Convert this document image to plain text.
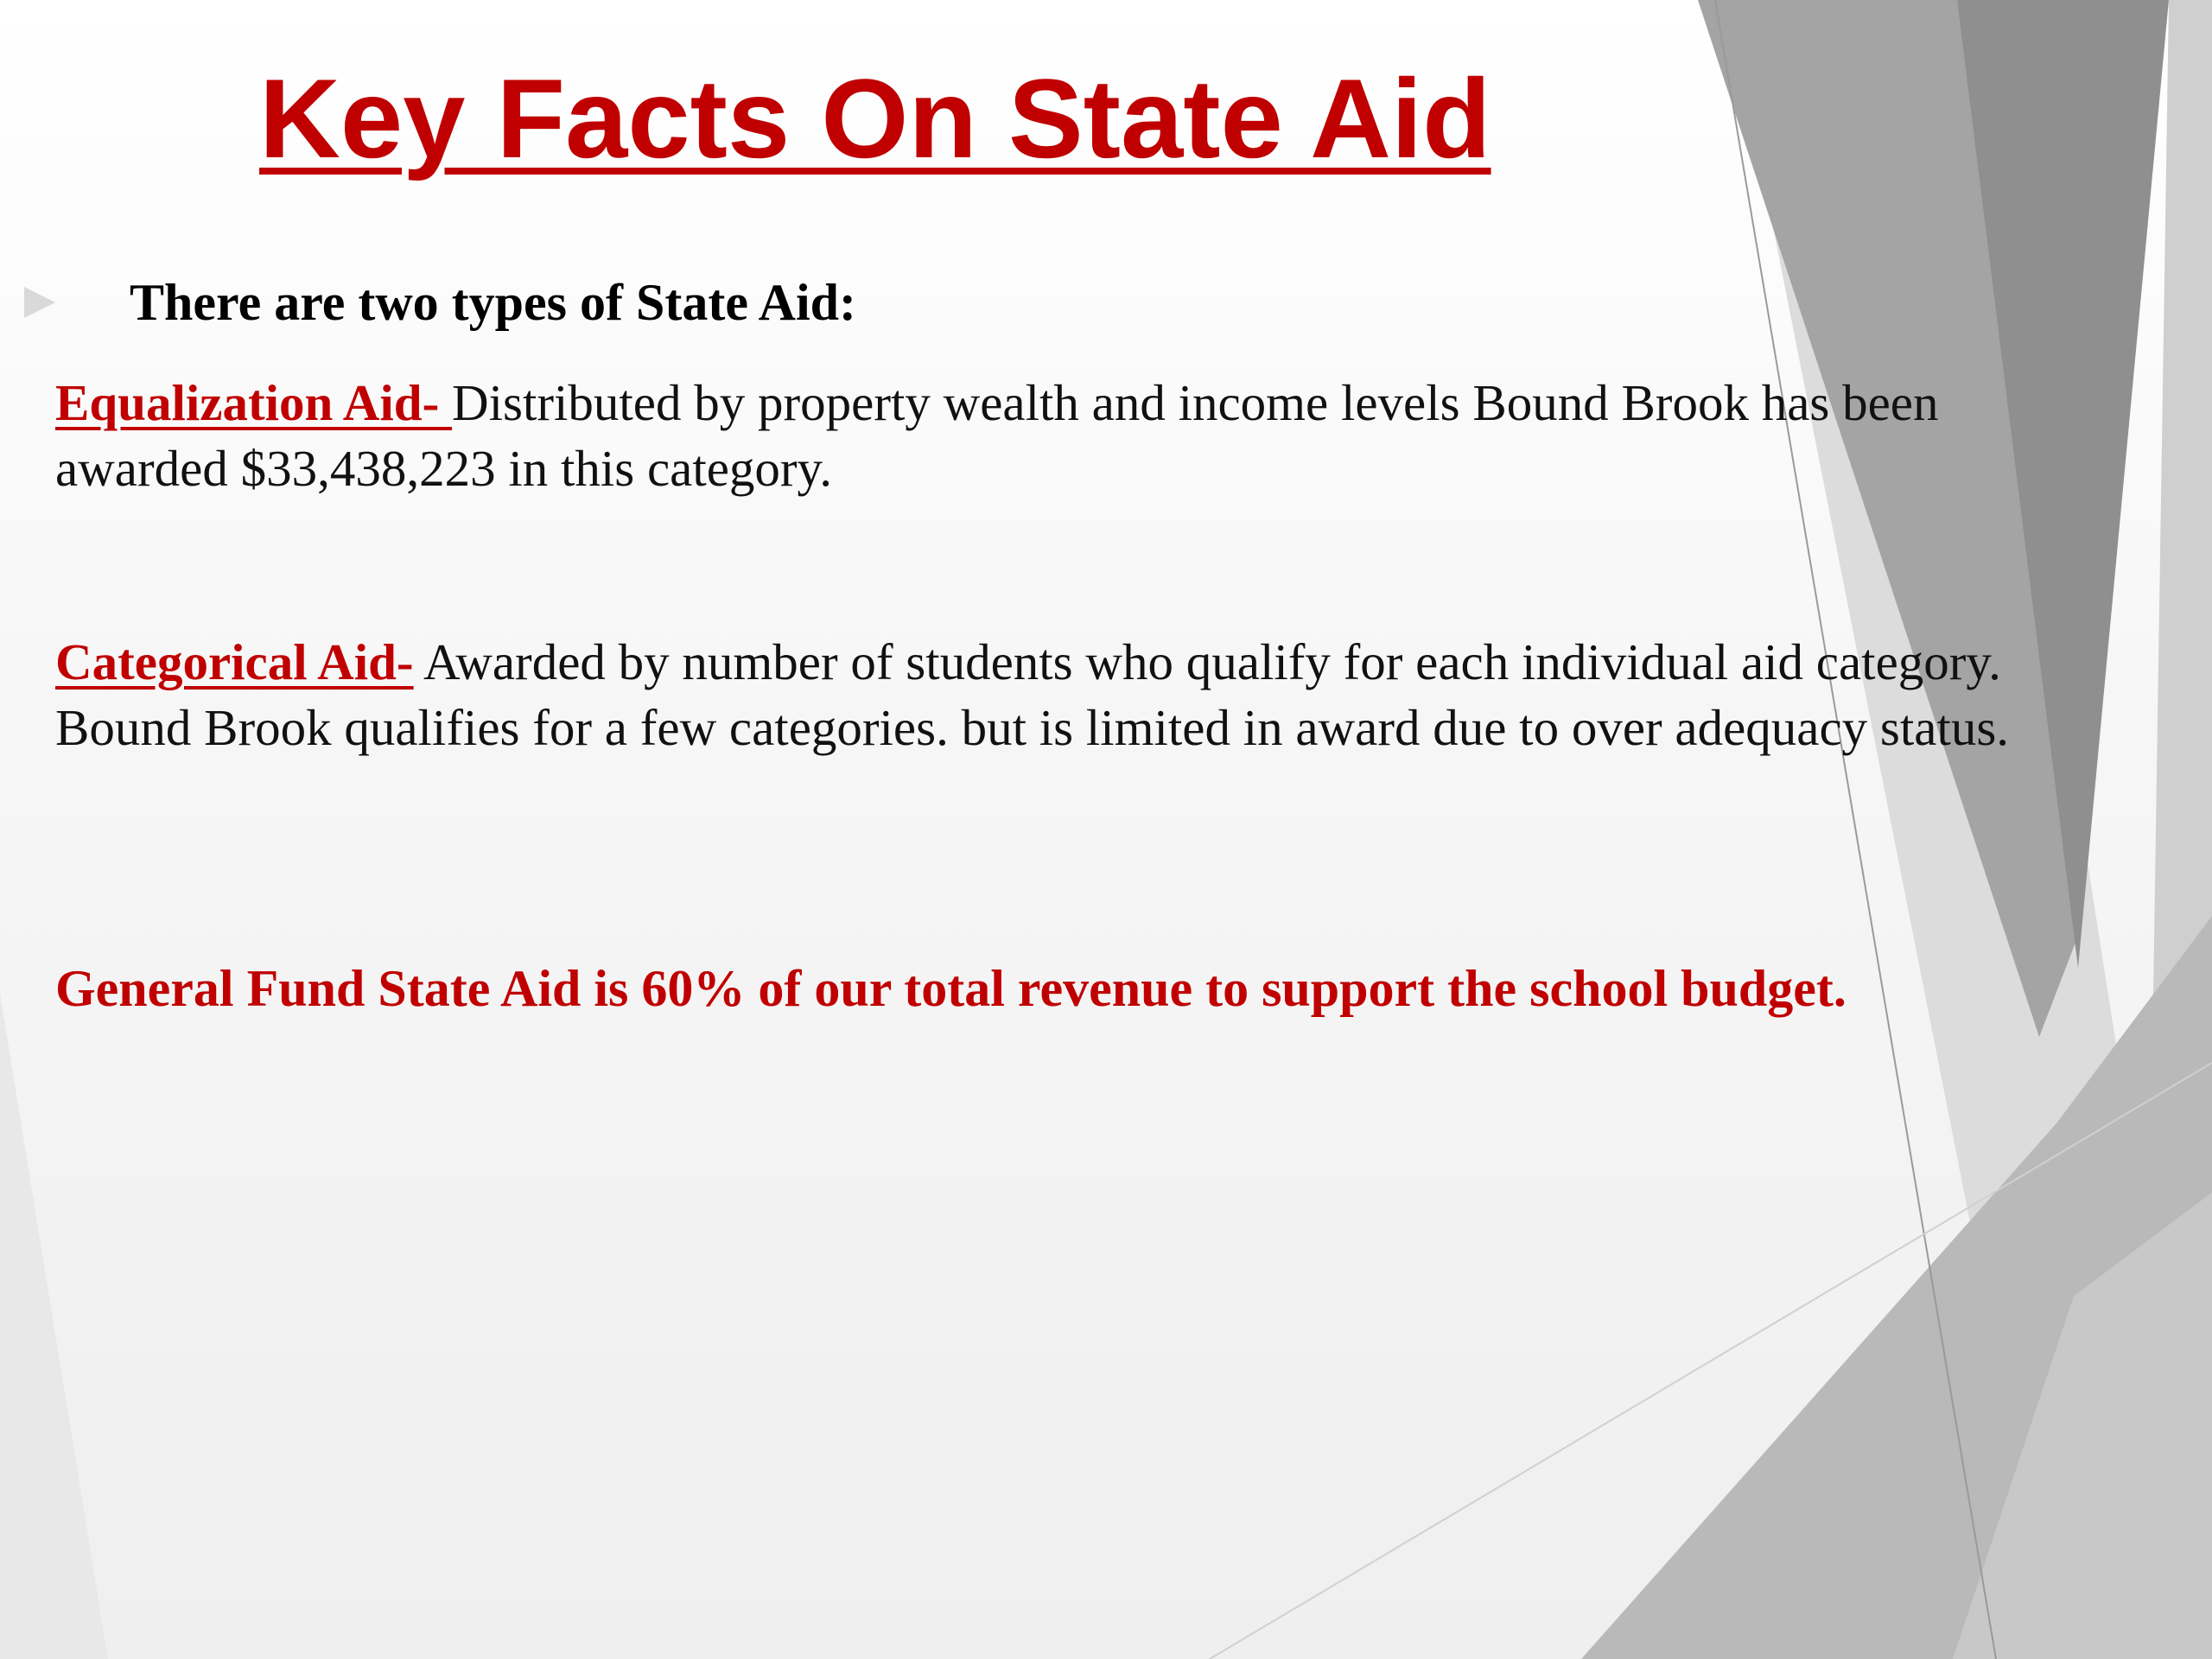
Key Facts On State Aid
There are two types of State Aid:

Equalization Aid- Distributed by property wealth and income levels Bound Brook has been awarded $33,438,223 in this category.

Categorical Aid- Awarded by number of students who qualify for each individual aid category. Bound Brook qualifies for a few categories. but is limited in award due to over adequacy status.

General Fund State Aid is 60% of our total revenue to support the school budget.
